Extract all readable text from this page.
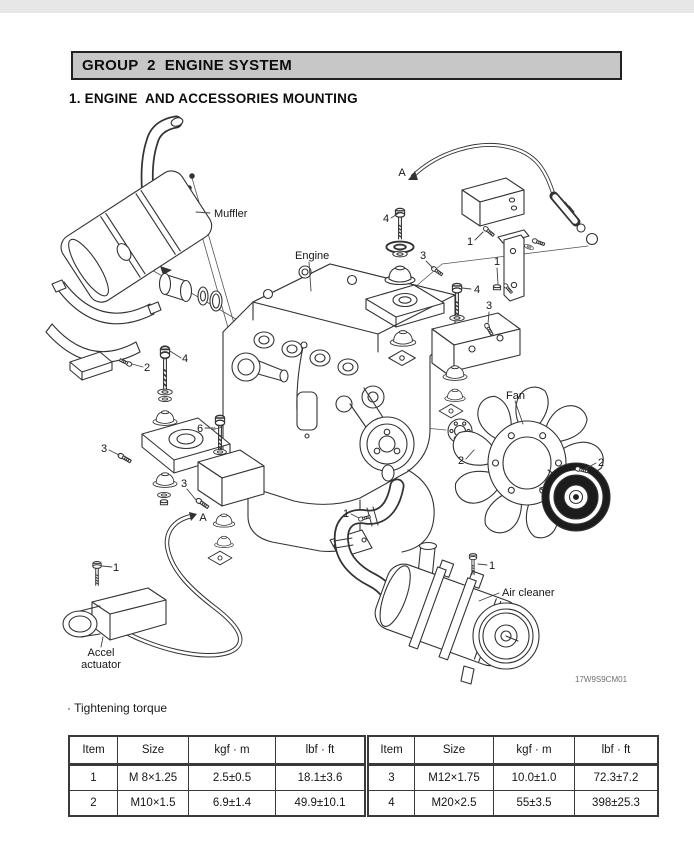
GROUP  2  ENGINE SYSTEM
1. ENGINE  AND ACCESSORIES MOUNTING
Muffler
Engine
Fan
Air cleaner
Accel
actuator
17W9S9CM01
4
2
3
6
3
A
1
A
4
1
3	1
4
3
2	2
1
1
· Tightening torque
Item	Size	kgf · m	lbf · ft
1	M 8×1.25	2.5±0.5	18.1±3.6
2	M10×1.5	6.9±1.4	49.9±10.1
Item	Size	kgf · m	lbf · ft
3	M12×1.75	10.0±1.0	72.3±7.2
4	M20×2.5	55±3.5	398±25.3
